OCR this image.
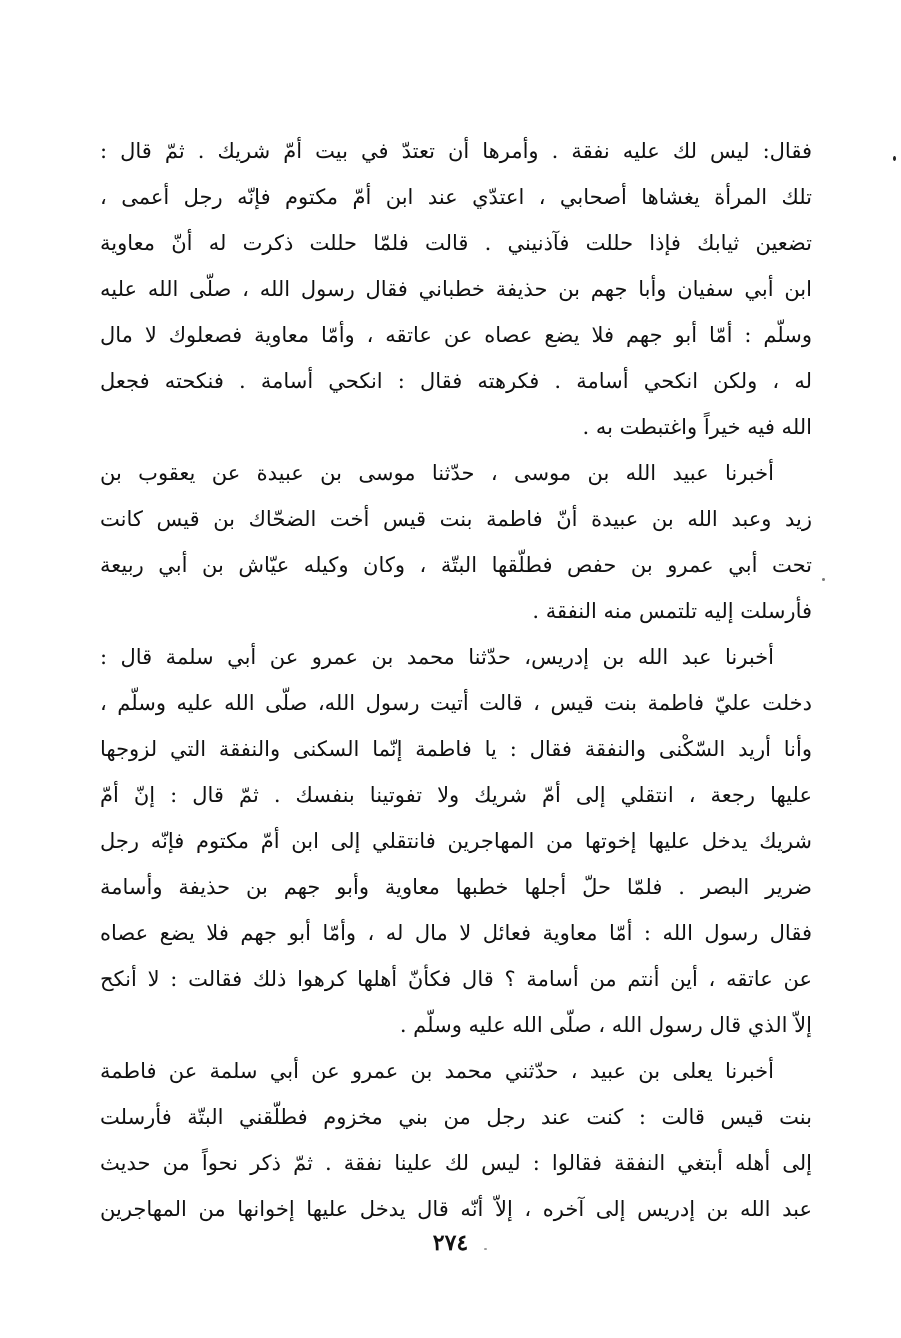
فقال: ليس لك عليه نفقة . وأمرها أن تعتدّ في بيت أمّ شريك . ثمّ قال :
تلك المرأة يغشاها أصحابي ، اعتدّي عند ابن أمّ مكتوم فإنّه رجل أعمى ،
تضعين ثيابك فإذا حللت فآذنيني . قالت فلمّا حللت ذكرت له أنّ معاوية
ابن أبي سفيان وأبا جهم بن حذيفة خطباني فقال رسول الله ، صلّى الله عليه
وسلّم : أمّا أبو جهم فلا يضع عصاه عن عاتقه ، وأمّا معاوية فصعلوك لا مال
له ، ولكن انكحي أسامة . فكرهته فقال : انكحي أسامة . فنكحته فجعل
الله فيه خيراً واغتبطت به .
أخبرنا عبيد الله بن موسى ، حدّثنا موسى بن عبيدة عن يعقوب بن
زيد وعبد الله بن عبيدة أنّ فاطمة بنت قيس أخت الضحّاك بن قيس كانت
تحت أبي عمرو بن حفص فطلّقها البتّة ، وكان وكيله عيّاش بن أبي ربيعة
فأرسلت إليه تلتمس منه النفقة .
أخبرنا عبد الله بن إدريس، حدّثنا محمد بن عمرو عن أبي سلمة قال :
دخلت عليّ فاطمة بنت قيس ، قالت أتيت رسول الله، صلّى الله عليه وسلّم ،
وأنا أريد السّكْنى والنفقة فقال : يا فاطمة إنّما السكنى والنفقة التي لزوجها
عليها رجعة ، انتقلي إلى أمّ شريك ولا تفوتينا بنفسك . ثمّ قال : إنّ أمّ
شريك يدخل عليها إخوتها من المهاجرين فانتقلي إلى ابن أمّ مكتوم فإنّه رجل
ضرير البصر . فلمّا حلّ أجلها خطبها معاوية وأبو جهم بن حذيفة وأسامة
فقال رسول الله : أمّا معاوية فعائل لا مال له ، وأمّا أبو جهم فلا يضع عصاه
عن عاتقه ، أين أنتم من أسامة ؟ قال فكأنّ أهلها كرهوا ذلك فقالت : لا أنكح
إلاّ الذي قال رسول الله ، صلّى الله عليه وسلّم .
أخبرنا يعلى بن عبيد ، حدّثني محمد بن عمرو عن أبي سلمة عن فاطمة
بنت قيس قالت : كنت عند رجل من بني مخزوم فطلّقني البتّة فأرسلت
إلى أهله أبتغي النفقة فقالوا : ليس لك علينا نفقة . ثمّ ذكر نحواً من حديث
عبد الله بن إدريس إلى آخره ، إلاّ أنّه قال يدخل عليها إخوانها من المهاجرين
٢٧٤
